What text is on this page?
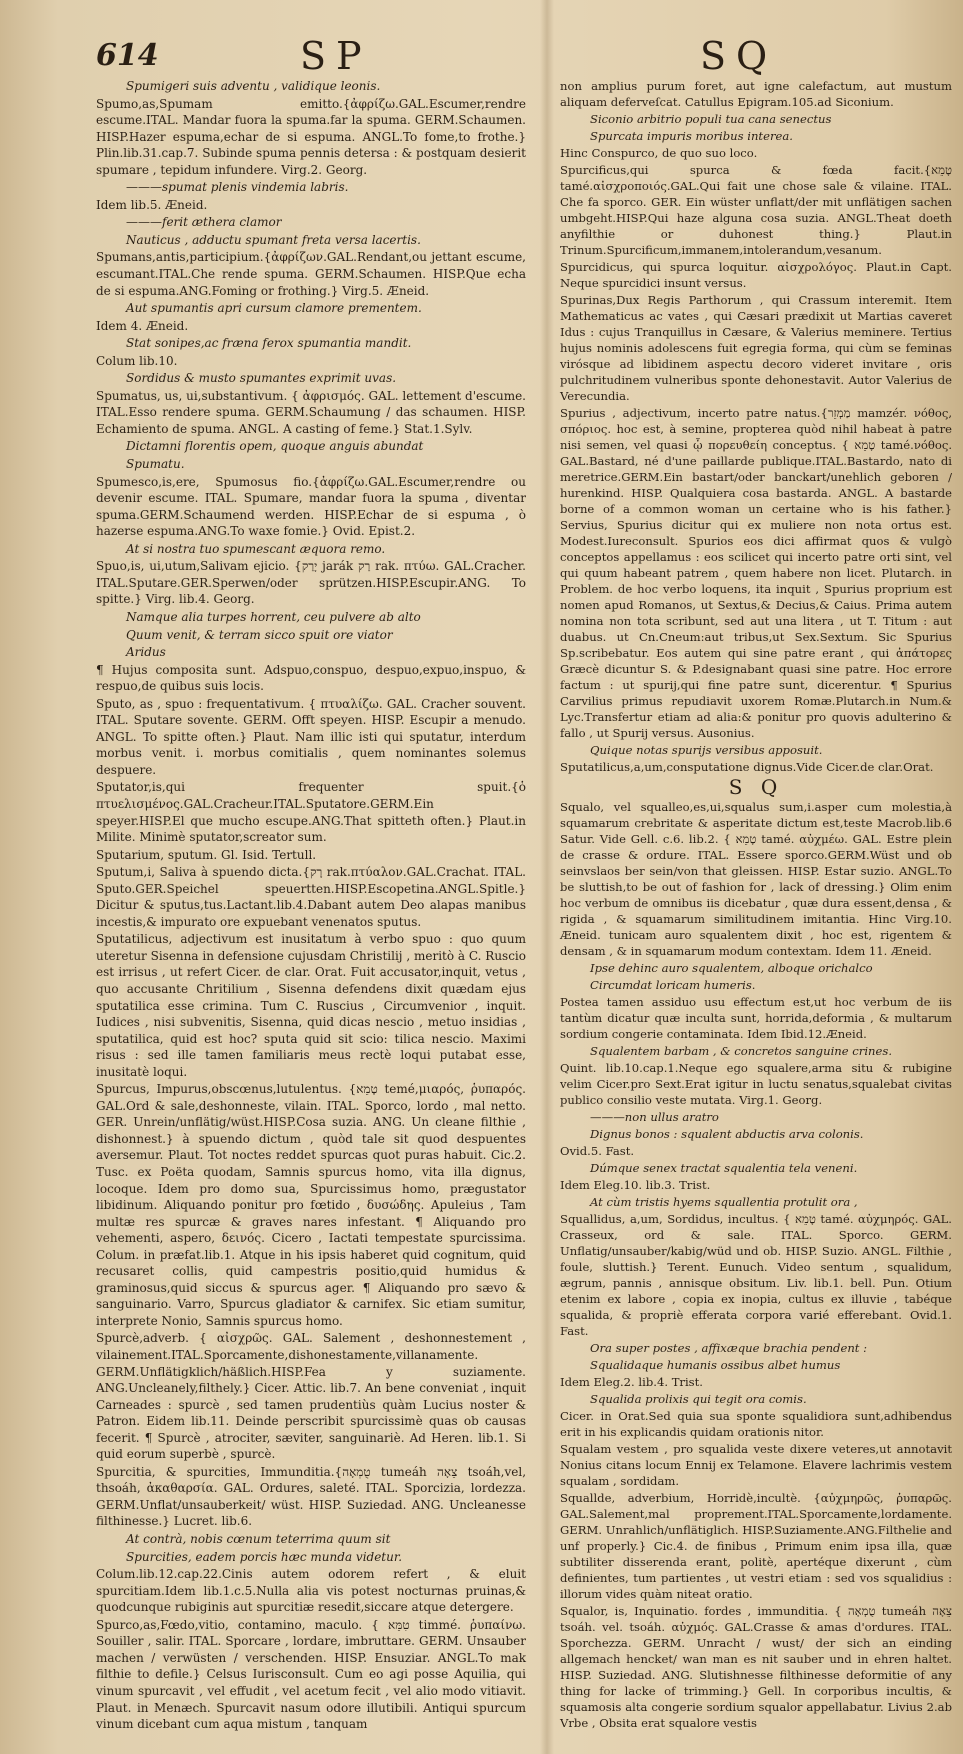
614	SP	SQ
Spumigeri suis adventu , validique leonis.
Spumo,as,Spumam emitto.{ἀφρίζω.GAL.Escumer,rendre escume.ITAL. Mandar fuora la spuma.far la spuma. GERM.Schaumen. HISP.Hazer espuma,echar de si espuma. ANGL.To fome,to frothe.} Plin.lib.31.cap.7. Subinde spuma pennis detersa : & postquam desierit spumare , tepidum infundere. Virg.2. Georg.
———spumat plenis vindemia labris.
Idem lib.5. Æneid.
———ferit æthera clamor
Nauticus , adductu spumant freta versa lacertis.
Spumans,antis,participium.{ἀφρίζων.GAL.Rendant,ou jettant escume, escumant.ITAL.Che rende spuma. GERM.Schaumen. HISP.Que echa de si espuma.ANG.Foming or frothing.} Virg.5. Æneid.
Aut spumantis apri cursum clamore prementem.
Idem 4. Æneid.
Stat sonipes,ac fræna ferox spumantia mandit.
Colum lib.10.
Sordidus & musto spumantes exprimit uvas.
Spumatus, us, ui,substantivum. { ἀφρισμός. GAL. lettement d'escume. ITAL.Esso rendere spuma. GERM.Schaumung / das schaumen. HISP. Echamiento de spuma. ANGL. A casting of feme.} Stat.1.Sylv.
Dictamni florentis opem, quoque anguis abundat
Spumatu.
Spumesco,is,ere, Spumosus fio.{ἀφρίζω.GAL.Escumer,rendre ou devenir escume. ITAL. Spumare, mandar fuora la spuma , diventar spuma.GERM.Schaumend werden. HISP.Echar de si espuma , ò hazerse espuma.ANG.To waxe fomie.} Ovid. Epist.2.
At si nostra tuo spumescant æquora remo.
Spuo,is, ui,utum,Salivam ejicio. {יָרַק jarák רַק rak. πτύω. GAL.Cracher. ITAL.Sputare.GER.Sperwen/oder sprützen.HISP.Escupir.ANG. To spitte.} Virg. lib.4. Georg.
Namque alia turpes horrent, ceu pulvere ab alto
Quum venit, & terram sicco spuit ore viator
Aridus
¶ Hujus composita sunt. Adspuo,conspuo, despuo,expuo,inspuo, & respuo,de quibus suis locis.
Sputo, as , spuo : frequentativum. { πτυαλίζω. GAL. Cracher souvent. ITAL. Sputare sovente. GERM. Offt speyen. HISP. Escupir a menudo. ANGL. To spitte often.} Plaut. Nam illic isti qui sputatur, interdum morbus venit. i. morbus comitialis , quem nominantes solemus despuere.
Sputator,is,qui frequenter spuit.{ὁ πτυελισμένος.GAL.Cracheur.ITAL.Sputatore.GERM.Ein speyer.HISP.El que mucho escupe.ANG.That spitteth often.} Plaut.in Milite. Minimè sputator,screator sum.
Sputarium, sputum. Gl. Isid. Tertull.
Sputum,i, Saliva à spuendo dicta.{רָק rak.πτύαλον.GAL.Crachat. ITAL. Sputo.GER.Speichel speuertten.HISP.Escopetina.ANGL.Spitle.} Dicitur & sputus,tus.Lactant.lib.4.Dabant autem Deo alapas manibus incestis,& impurato ore expuebant venenatos sputus.
Sputatilicus, adjectivum est inusitatum à verbo spuo : quo quum uteretur Sisenna in defensione cujusdam Christilij , meritò à C. Ruscio est irrisus , ut refert Cicer. de clar. Orat. Fuit accusator,inquit, vetus , quo accusante Chritilium , Sisenna defendens dixit quædam ejus sputatilica esse crimina. Tum C. Ruscius , Circumvenior , inquit. Iudices , nisi subvenitis, Sisenna, quid dicas nescio , metuo insidias , sputatilica, quid est hoc? sputa quid sit scio: tilica nescio. Maximi risus : sed ille tamen familiaris meus rectè loqui putabat esse, inusitatè loqui.
Spurcus, Impurus,obscœnus,lutulentus. {טָמֵא temé,μιαρός, ῥυπαρός. GAL.Ord & sale,deshonneste, vilain. ITAL. Sporco, lordo , mal netto. GER. Unrein/unflätig/wüst.HISP.Cosa suzia. ANG. Un cleane filthie , dishonnest.} à spuendo dictum , quòd tale sit quod despuentes aversemur. Plaut. Tot noctes reddet spurcas quot puras habuit. Cic.2. Tusc. ex Poëta quodam, Samnis spurcus homo, vita illa dignus, locoque. Idem pro domo sua, Spurcissimus homo, prægustator libidinum. Aliquando ponitur pro fœtido , δυσώδης. Apuleius , Tam multæ res spurcæ & graves nares infestant. ¶ Aliquando pro vehementi, aspero, δεινός. Cicero , Iactati tempestate spurcissima. Colum. in præfat.lib.1. Atque in his ipsis haberet quid cognitum, quid recusaret collis, quid campestris positio,quid humidus & graminosus,quid siccus & spurcus ager. ¶ Aliquando pro sævo & sanguinario. Varro, Spurcus gladiator & carnifex. Sic etiam sumitur, interprete Nonio, Samnis spurcus homo.
Spurcè,adverb. { αἰσχρῶς. GAL. Salement , deshonnestement , vilainement.ITAL.Sporcamente,dishonestamente,villanamente. GERM.Unflätigklich/häßlich.HISP.Fea y suziamente. ANG.Uncleanely,filthely.} Cicer. Attic. lib.7. An bene conveniat , inquit Carneades : spurcè , sed tamen prudentiùs quàm Lucius noster & Patron. Eidem lib.11. Deinde perscribit spurcissimè quas ob causas fecerit. ¶ Spurcè , atrociter, sæviter, sanguinariè. Ad Heren. lib.1. Si quid eorum superbè , spurcè.
Spurcitia, & spurcities, Immunditia.{טֻמְאָה tumeáh צֵאָה tsoáh,vel, thsoáh, ἀκαθαρσία. GAL. Ordures, saleté. ITAL. Sporcizia, lordezza. GERM.Unflat/unsauberkeit/ wüst. HISP. Suziedad. ANG. Uncleanesse filthinesse.} Lucret. lib.6.
At contrà, nobis cœnum teterrima quum sit
Spurcities, eadem porcis hæc munda videtur.
Colum.lib.12.cap.22.Cinis autem odorem refert , & eluit spurcitiam.Idem lib.1.c.5.Nulla alia vis potest nocturnas pruinas,& quodcunque rubiginis aut spurcitiæ resedit,siccare atque detergere.
Spurco,as,Fœdo,vitio, contamino, maculo. { טִמֵּא timmé. ῥυπαίνω. Souiller , salir. ITAL. Sporcare , lordare, imbruttare. GERM. Unsauber machen / verwüsten / verschenden. HISP. Ensuziar. ANGL.To mak filthie to defile.} Celsus Iurisconsult. Cum eo agi posse Aquilia, qui vinum spurcavit , vel effudit , vel acetum fecit , vel alio modo vitiavit. Plaut. in Menæch. Spurcavit nasum odore illutibili. Antiqui spurcum vinum dicebant cum aqua mistum , tanquam
non amplius purum foret, aut igne calefactum, aut mustum aliquam deferveſcat. Catullus Epigram.105.ad Siconium.
Siconio arbitrio populi tua cana senectus
Spurcata impuris moribus interea.
Hinc Conspurco, de quo suo loco.
Spurcificus,qui spurca & fœda facit.{טָמֵא tamé.αἰσχροποιός.GAL.Qui fait une chose sale & vilaine. ITAL. Che fa sporco. GER. Ein wüster unflatt/der mit unflätigen sachen umbgeht.HISP.Qui haze alguna cosa suzia. ANGL.Theat doeth anyfilthie or duhonest thing.} Plaut.in Trinum.Spurcificum,immanem,intolerandum,vesanum.
Spurcidicus, qui spurca loquitur. αἰσχρολόγος. Plaut.in Capt. Neque spurcidici insunt versus.
Spurinas,Dux Regis Parthorum , qui Crassum interemit. Item Mathematicus ac vates , qui Cæsari prædixit ut Martias caveret Idus : cujus Tranquillus in Cæsare, & Valerius meminere. Tertius hujus nominis adolescens fuit egregia forma, qui cùm se feminas virósque ad libidinem aspectu decoro videret invitare , oris pulchritudinem vulneribus sponte dehonestavit. Autor Valerius de Verecundia.
Spurius , adjectivum, incerto patre natus.{מַמְזֵר mamzér. νόθος, σπόριος. hoc est, à semine, propterea quòd nihil habeat à patre nisi semen, vel quasi ᾧ πορευθείη conceptus. { טָמֵא tamé.νόθος. GAL.Bastard, né d'une paillarde publique.ITAL.Bastardo, nato di meretrice.GERM.Ein bastart/oder banckart/unehlich geboren / hurenkind. HISP. Qualquiera cosa bastarda. ANGL. A bastarde borne of a common woman un certaine who is his father.} Servius, Spurius dicitur qui ex muliere non nota ortus est. Modest.Iureconsult. Spurios eos dici affirmat quos & vulgò conceptos appellamus : eos scilicet qui incerto patre orti sint, vel qui quum habeant patrem , quem habere non licet. Plutarch. in Problem. de hoc verbo loquens, ita inquit , Spurius proprium est nomen apud Romanos, ut Sextus,& Decius,& Caius. Prima autem nomina non tota scribunt, sed aut una litera , ut T. Titum : aut duabus. ut Cn.Cneum:aut tribus,ut Sex.Sextum. Sic Spurius Sp.scribebatur. Eos autem qui sine patre erant , qui ἀπάτορες Græcè dicuntur S. & P.designabant quasi sine patre. Hoc errore factum : ut spurij,qui fine patre sunt, dicerentur. ¶ Spurius Carvilius primus repudiavit uxorem Romæ.Plutarch.in Num.& Lyc.Transfertur etiam ad alia:& ponitur pro quovis adulterino & fallo , ut Spurij versus. Ausonius.
Quique notas spurijs versibus apposuit.
Sputatilicus,a,um,consputatione dignus.Vide Cicer.de clar.Orat.
S Q
Squalo, vel squalleo,es,ui,squalus sum,i.asper cum molestia,à squamarum crebritate & asperitate dictum est,teste Macrob.lib.6 Satur. Vide Gell. c.6. lib.2. { טָמֵא tamé. αὐχμέω. GAL. Estre plein de crasse & ordure. ITAL. Essere sporco.GERM.Wüst und ob seinvslaos ber sein/von that gleissen. HISP. Estar suzio. ANGL.To be sluttish,to be out of fashion for , lack of dressing.} Olim enim hoc verbum de omnibus iis dicebatur , quæ dura essent,densa , & rigida , & squamarum similitudinem imitantia. Hinc Virg.10. Æneid. tunicam auro squalentem dixit , hoc est, rigentem & densam , & in squamarum modum contextam. Idem 11. Æneid.
Ipse dehinc auro squalentem, alboque orichalco
Circumdat loricam humeris.
Postea tamen assiduo usu effectum est,ut hoc verbum de iis tantùm dicatur quæ inculta sunt, horrida,deformia , & multarum sordium congerie contaminata. Idem Ibid.12.Æneid.
Squalentem barbam , & concretos sanguine crines.
Quint. lib.10.cap.1.Neque ego squalere,arma situ & rubigine velim Cicer.pro Sext.Erat igitur in luctu senatus,squalebat civitas publico consilio veste mutata. Virg.1. Georg.
———non ullus aratro
Dignus bonos : squalent abductis arva colonis.
Ovid.5. Fast.
Dúmque senex tractat squalentia tela veneni.
Idem Eleg.10. lib.3. Trist.
At cùm tristis hyems squallentia protulit ora ,
Squallidus, a,um, Sordidus, incultus. { טָמֵא tamé. αὐχμηρός. GAL. Crasseux, ord & sale. ITAL. Sporco. GERM. Unflatig/unsauber/kabig/wüd und ob. HISP. Suzio. ANGL. Filthie , foule, sluttish.} Terent. Eunuch. Video sentum , squalidum, ægrum, pannis , annisque obsitum. Liv. lib.1. bell. Pun. Otium etenim ex labore , copia ex inopia, cultus ex illuvie , tabéque squalida, & propriè efferata corpora varié efferebant. Ovid.1. Fast.
Ora super postes , affixæque brachia pendent :
Squalidaque humanis ossibus albet humus
Idem Eleg.2. lib.4. Trist.
Squalida prolixis qui tegit ora comis.
Cicer. in Orat.Sed quia sua sponte squalidiora sunt,adhibendus erit in his explicandis quidam orationis nitor.
Squalam vestem , pro squalida veste dixere veteres,ut annotavit Nonius citans locum Ennij ex Telamone. Elavere lachrimis vestem squalam , sordidam.
Squallde, adverbium, Horridè,incultè. {αὐχμηρῶς, ῥυπαρῶς. GAL.Salement,mal proprement.ITAL.Sporcamente,lordamente. GERM. Unrahlich/unflätiglich. HISP.Suziamente.ANG.Filthelie and unf properly.} Cic.4. de finibus , Primum enim ipsa illa, quæ subtiliter disserenda erant, politè, apertéque dixerunt , cùm definientes, tum partientes , ut vestri etiam : sed vos squalidius : illorum vides quàm niteat oratio.
Squalor, is, Inquinatio. fordes , immunditia. { טֻמְאָה tumeáh צֵאָה tsoáh. vel. tsoáh. αὐχμός. GAL.Crasse & amas d'ordures. ITAL. Sporchezza. GERM. Unracht / wust/ der sich an einding allgemach hencket/ wan man es nit sauber und in ehren haltet. HISP. Suziedad. ANG. Slutishnesse filthinesse deformitie of any thing for lacke of trimming.} Gell. In corporibus incultis, & squamosis alta congerie sordium squalor appellabatur. Livius 2.ab Vrbe , Obsita erat squalore vestis
